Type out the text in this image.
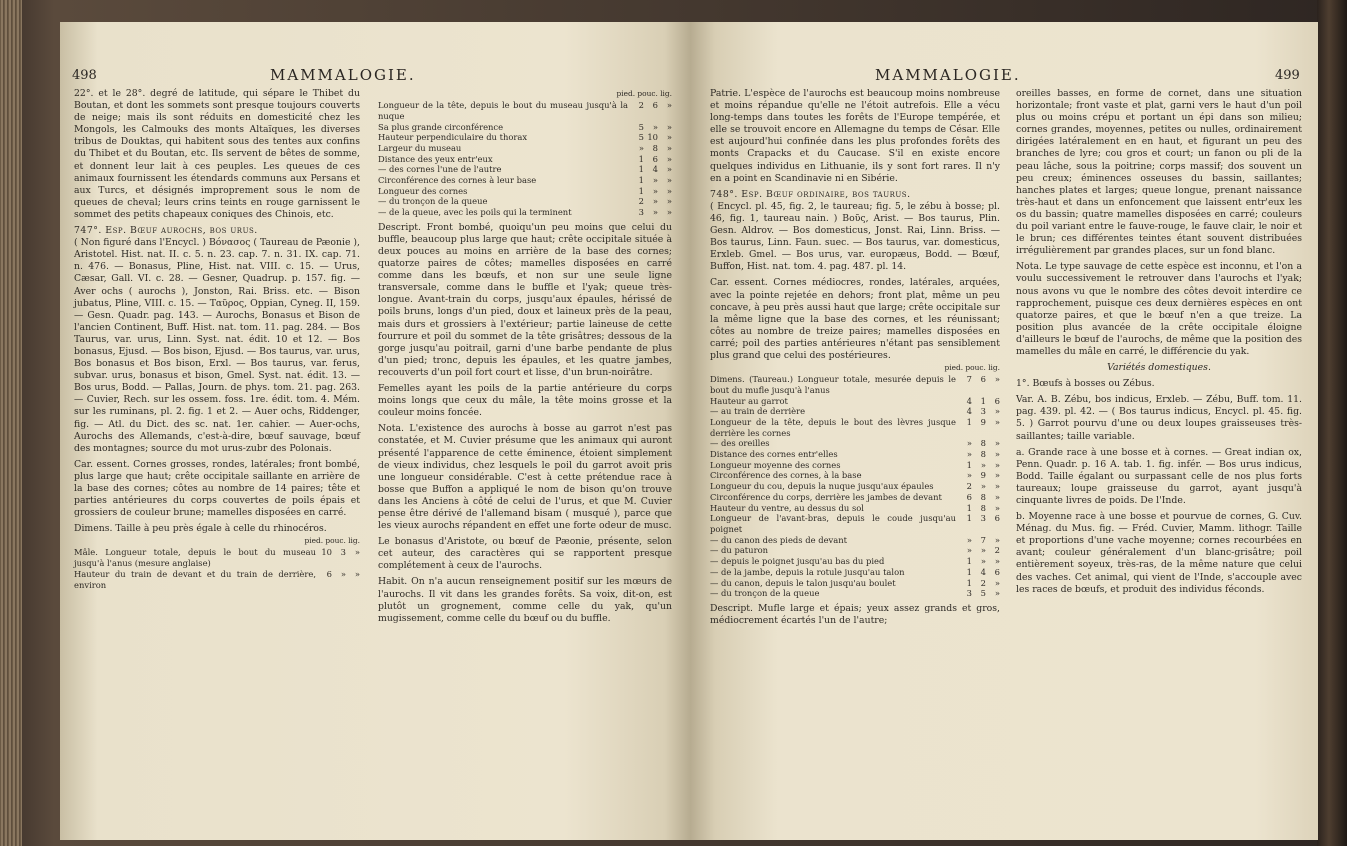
498	MAMMALOGIE.

22°. et le 28°. degré de latitude, qui sépare le Thibet du Boutan, et dont les sommets sont presque toujours couverts de neige; mais ils sont réduits en domesticité chez les Mongols, les Calmouks des monts Altaïques, les diverses tribus de Douktas, qui habitent sous des tentes aux confins du Thibet et du Boutan, etc. Ils servent de bêtes de somme, et donnent leur lait à ces peuples. Les queues de ces animaux fournissent les étendards communs aux Persans et aux Turcs, et désignés improprement sous le nom de queues de cheval; leurs crins teints en rouge garnissent le sommet des petits chapeaux coniques des Chinois, etc.

747°. Esp. Bœuf aurochs, bos urus.

( Non figuré dans l'Encycl. ) Βόνασος ( Taureau de Pæonie ), Aristotel. Hist. nat. II. c. 5. n. 23. cap. 7. n. 31. IX. cap. 71. n. 476. — Bonasus, Pline, Hist. nat. VIII. c. 15. — Urus, Cæsar, Gall. VI. c. 28. — Gesner, Quadrup. p. 157. fig. — Aver ochs ( aurochs ), Jonston, Rai. Briss. etc. — Bison jubatus, Pline, VIII. c. 15. — Ταῦρος, Oppian, Cyneg. II, 159. — Gesn. Quadr. pag. 143. — Aurochs, Bonasus et Bison de l'ancien Continent, Buff. Hist. nat. tom. 11. pag. 284. — Bos Taurus, var. urus, Linn. Syst. nat. édit. 10 et 12. — Bos bonasus, Ejusd. — Bos bison, Ejusd. — Bos taurus, var. urus, Bos bonasus et Bos bison, Erxl. — Bos taurus, var. ferus, subvar. urus, bonasus et bison, Gmel. Syst. nat. édit. 13. — Bos urus, Bodd. — Pallas, Journ. de phys. tom. 21. pag. 263. — Cuvier, Rech. sur les ossem. foss. 1re. édit. tom. 4. Mém. sur les ruminans, pl. 2. fig. 1 et 2. — Auer ochs, Riddenger, fig. — Atl. du Dict. des sc. nat. 1er. cahier. — Auer-ochs, Aurochs des Allemands, c'est-à-dire, bœuf sauvage, bœuf des montagnes; source du mot urus-zubr des Polonais.

Car. essent. Cornes grosses, rondes, latérales; front bombé, plus large que haut; crête occipitale saillante en arrière de la base des cornes; côtes au nombre de 14 paires; tête et parties antérieures du corps couvertes de poils épais et grossiers de couleur brune; mamelles disposées en carré.

Dimens. Taille à peu près égale à celle du rhinocéros.

pied. pouc. lig.
Mâle. Longueur totale, depuis le bout du museau jusqu'à l'anus (mesure anglaise)	10	3	»
Hauteur du train de devant et du train de derrière, environ	6	»	»
pied. pouc. lig.
Longueur de la tête, depuis le bout du museau jusqu'à la nuque	2	6	»
Sa plus grande circonférence	5	»	»
Hauteur perpendiculaire du thorax	5	10	»
Largeur du museau	»	8	»
Distance des yeux entr'eux	1	6	»
— des cornes l'une de l'autre	1	4	»
Circonférence des cornes à leur base	1	»	»
Longueur des cornes	1	»	»
— du tronçon de la queue	2	»	»
— de la queue, avec les poils qui la terminent	3	»	»

Descript. Front bombé, quoiqu'un peu moins que celui du buffle, beaucoup plus large que haut; crête occipitale située à deux pouces au moins en arrière de la base des cornes; quatorze paires de côtes; mamelles disposées en carré comme dans les bœufs, et non sur une seule ligne transversale, comme dans le buffle et l'yak; queue très-longue. Avant-train du corps, jusqu'aux épaules, hérissé de poils bruns, longs d'un pied, doux et laineux près de la peau, mais durs et grossiers à l'extérieur; partie laineuse de cette fourrure et poil du sommet de la tête grisâtres; dessous de la gorge jusqu'au poitrail, garni d'une barbe pendante de plus d'un pied; tronc, depuis les épaules, et les quatre jambes, recouverts d'un poil fort court et lisse, d'un brun-noirâtre.

Femelles ayant les poils de la partie antérieure du corps moins longs que ceux du mâle, la tête moins grosse et la couleur moins foncée.

Nota. L'existence des aurochs à bosse au garrot n'est pas constatée, et M. Cuvier présume que les animaux qui auront présenté l'apparence de cette éminence, étoient simplement de vieux individus, chez lesquels le poil du garrot avoit pris une longueur considérable. C'est à cette prétendue race à bosse que Buffon a appliqué le nom de bison qu'on trouve dans les Anciens à côté de celui de l'urus, et que M. Cuvier pense être dérivé de l'allemand bisam ( musqué ), parce que les vieux aurochs répandent en effet une forte odeur de musc.

Le bonasus d'Aristote, ou bœuf de Pæonie, présente, selon cet auteur, des caractères qui se rapportent presque complétement à ceux de l'aurochs.

Habit. On n'a aucun renseignement positif sur les mœurs de l'aurochs. Il vit dans les grandes forêts. Sa voix, dit-on, est plutôt un grognement, comme celle du yak, qu'un mugissement, comme celle du bœuf ou du buffle.

MAMMALOGIE.	499

Patrie. L'espèce de l'aurochs est beaucoup moins nombreuse et moins répandue qu'elle ne l'étoit autrefois. Elle a vécu long-temps dans toutes les forêts de l'Europe tempérée, et elle se trouvoit encore en Allemagne du temps de César. Elle est aujourd'hui confinée dans les plus profondes forêts des monts Crapacks et du Caucase. S'il en existe encore quelques individus en Lithuanie, ils y sont fort rares. Il n'y en a point en Scandinavie ni en Sibérie.

748°. Esp. Bœuf ordinaire, bos taurus.

( Encycl. pl. 45, fig. 2, le taureau; fig. 5, le zébu à bosse; pl. 46, fig. 1, taureau nain. ) Βοῦς, Arist. — Bos taurus, Plin. Gesn. Aldrov. — Bos domesticus, Jonst. Rai, Linn. Briss. — Bos taurus, Linn. Faun. suec. — Bos taurus, var. domesticus, Erxleb. Gmel. — Bos urus, var. europæus, Bodd. — Bœuf, Buffon, Hist. nat. tom. 4. pag. 487. pl. 14.

Car. essent. Cornes médiocres, rondes, latérales, arquées, avec la pointe rejetée en dehors; front plat, même un peu concave, à peu près aussi haut que large; crête occipitale sur la même ligne que la base des cornes, et les réunissant; côtes au nombre de treize paires; mamelles disposées en carré; poil des parties antérieures n'étant pas sensiblement plus grand que celui des postérieures.

pied. pouc. lig.
Dimens. (Taureau.) Longueur totale, mesurée depuis le bout du mufle jusqu'à l'anus	7	6	»
Hauteur au garrot	4	1	6
— au train de derrière	4	3	»
Longueur de la tête, depuis le bout des lèvres jusque derrière les cornes	1	9	»
— des oreilles	»	8	»
Distance des cornes entr'elles	»	8	»
Longueur moyenne des cornes	1	»	»
Circonférence des cornes, à la base	»	9	»
Longueur du cou, depuis la nuque jusqu'aux épaules	2	»	»
Circonférence du corps, derrière les jambes de devant	6	8	»
Hauteur du ventre, au dessus du sol	1	8	»
Longueur de l'avant-bras, depuis le coude jusqu'au poignet	1	3	6
— du canon des pieds de devant	»	7	»
— du paturon	»	»	2
— depuis le poignet jusqu'au bas du pied	1	»	»
— de la jambe, depuis la rotule jusqu'au talon	1	4	6
— du canon, depuis le talon jusqu'au boulet	1	2	»
— du tronçon de la queue	3	5	»

Descript. Mufle large et épais; yeux assez grands et gros, médiocrement écartés l'un de l'autre;

oreilles basses, en forme de cornet, dans une situation horizontale; front vaste et plat, garni vers le haut d'un poil plus ou moins crépu et portant un épi dans son milieu; cornes grandes, moyennes, petites ou nulles, ordinairement dirigées latéralement en en haut, et figurant un peu des branches de lyre; cou gros et court; un fanon ou pli de la peau lâche, sous la poitrine; corps massif; dos souvent un peu creux; éminences osseuses du bassin, saillantes; hanches plates et larges; queue longue, prenant naissance très-haut et dans un enfoncement que laissent entr'eux les os du bassin; quatre mamelles disposées en carré; couleurs du poil variant entre le fauve-rouge, le fauve clair, le noir et le brun; ces différentes teintes étant souvent distribuées irrégulièrement par grandes places, sur un fond blanc.

Nota. Le type sauvage de cette espèce est inconnu, et l'on a voulu successivement le retrouver dans l'aurochs et l'yak; nous avons vu que le nombre des côtes devoit interdire ce rapprochement, puisque ces deux dernières espèces en ont quatorze paires, et que le bœuf n'en a que treize. La position plus avancée de la crête occipitale éloigne d'ailleurs le bœuf de l'aurochs, de même que la position des mamelles du mâle en carré, le différencie du yak.

Variétés domestiques.

1°. Bœufs à bosses ou Zébus.

Var. A. B. Zébu, bos indicus, Erxleb. — Zébu, Buff. tom. 11. pag. 439. pl. 42. — ( Bos taurus indicus, Encycl. pl. 45. fig. 5. ) Garrot pourvu d'une ou deux loupes graisseuses très-saillantes; taille variable.

a. Grande race à une bosse et à cornes. — Great indian ox, Penn. Quadr. p. 16 A. tab. 1. fig. infér. — Bos urus indicus, Bodd. Taille égalant ou surpassant celle de nos plus forts taureaux; loupe graisseuse du garrot, ayant jusqu'à cinquante livres de poids. De l'Inde.

b. Moyenne race à une bosse et pourvue de cornes, G. Cuv. Ménag. du Mus. fig. — Fréd. Cuvier, Mamm. lithogr. Taille et proportions d'une vache moyenne; cornes recourbées en avant; couleur généralement d'un blanc-grisâtre; poil entièrement soyeux, très-ras, de la même nature que celui des vaches. Cet animal, qui vient de l'Inde, s'accouple avec les races de bœufs, et produit des individus féconds.
